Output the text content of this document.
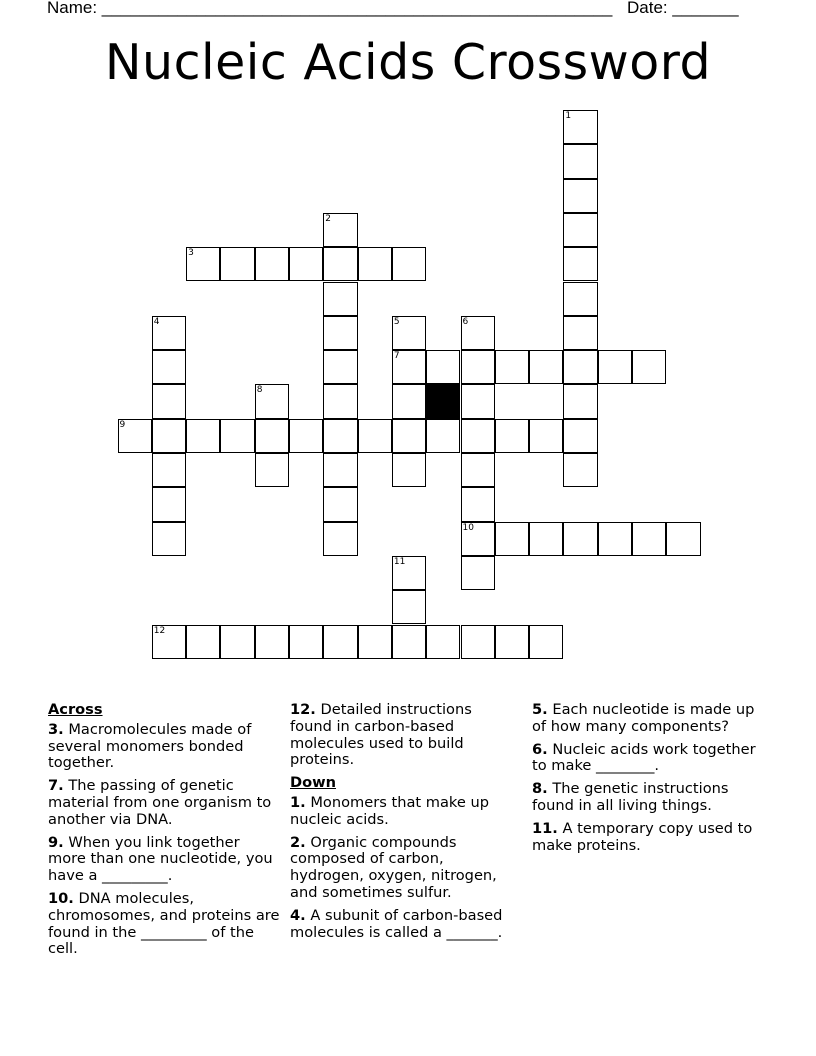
Name: ______________________________________________________ Date: _______
Nucleic Acids Crossword
1
2
3
4	5
7
6
10
8
9
11
12
Across
3. Macromolecules made of several monomers bonded together.
7. The passing of genetic material from one organism to another via DNA.
9. When you link together more than one nucleotide, you have a _________.
10. DNA molecules, chromosomes, and proteins are found in the _________ of the cell.
12. Detailed instructions found in carbon-based molecules used to build proteins.
Down
1. Monomers that make up nucleic acids.
2. Organic compounds composed of carbon, hydrogen, oxygen, nitrogen, and sometimes sulfur.
4. A subunit of carbon-based molecules is called a _______.
5. Each nucleotide is made up of how many components?
6. Nucleic acids work together to make ________.
8. The genetic instructions found in all living things.
11. A temporary copy used to make proteins.
